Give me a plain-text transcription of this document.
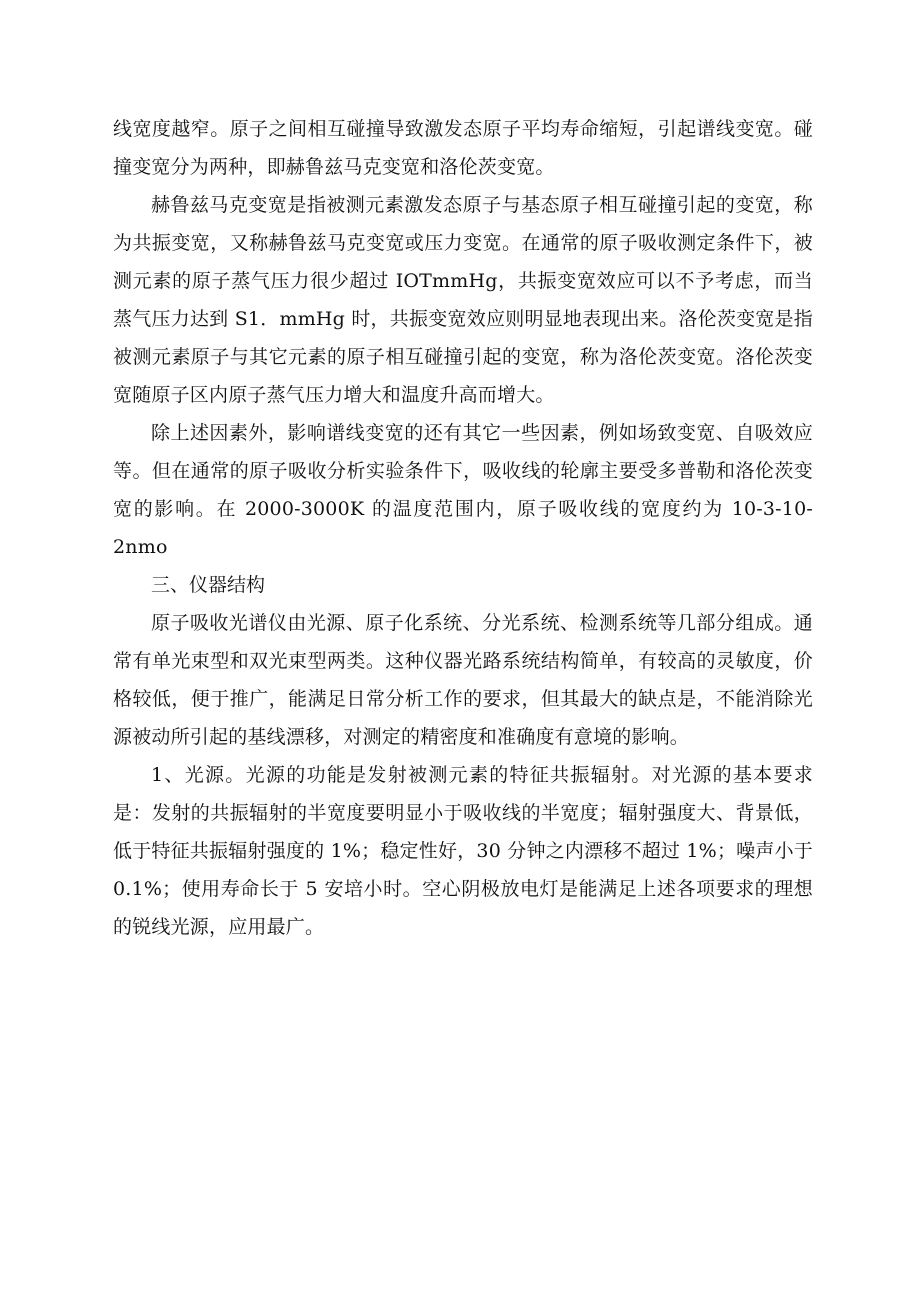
线宽度越窄。原子之间相互碰撞导致激发态原子平均寿命缩短，引起谱线变宽。碰撞变宽分为两种，即赫鲁兹马克变宽和洛伦茨变宽。

赫鲁兹马克变宽是指被测元素激发态原子与基态原子相互碰撞引起的变宽，称为共振变宽，又称赫鲁兹马克变宽或压力变宽。在通常的原子吸收测定条件下，被测元素的原子蒸气压力很少超过 IOTmmHg，共振变宽效应可以不予考虑，而当蒸气压力达到 S1．mmHg 时，共振变宽效应则明显地表现出来。洛伦茨变宽是指被测元素原子与其它元素的原子相互碰撞引起的变宽，称为洛伦茨变宽。洛伦茨变宽随原子区内原子蒸气压力增大和温度升高而增大。

除上述因素外，影响谱线变宽的还有其它一些因素，例如场致变宽、自吸效应等。但在通常的原子吸收分析实验条件下，吸收线的轮廓主要受多普勒和洛伦茨变宽的影响。在 2000-3000K 的温度范围内，原子吸收线的宽度约为 10-3-10-2nmo

三、仪器结构

原子吸收光谱仪由光源、原子化系统、分光系统、检测系统等几部分组成。通常有单光束型和双光束型两类。这种仪器光路系统结构简单，有较高的灵敏度，价格较低，便于推广，能满足日常分析工作的要求，但其最大的缺点是，不能消除光源被动所引起的基线漂移，对测定的精密度和准确度有意境的影响。

1、光源。光源的功能是发射被测元素的特征共振辐射。对光源的基本要求是：发射的共振辐射的半宽度要明显小于吸收线的半宽度；辐射强度大、背景低，低于特征共振辐射强度的 1%；稳定性好，30 分钟之内漂移不超过 1%；噪声小于 0.1%；使用寿命长于 5 安培小时。空心阴极放电灯是能满足上述各项要求的理想的锐线光源，应用最广。
